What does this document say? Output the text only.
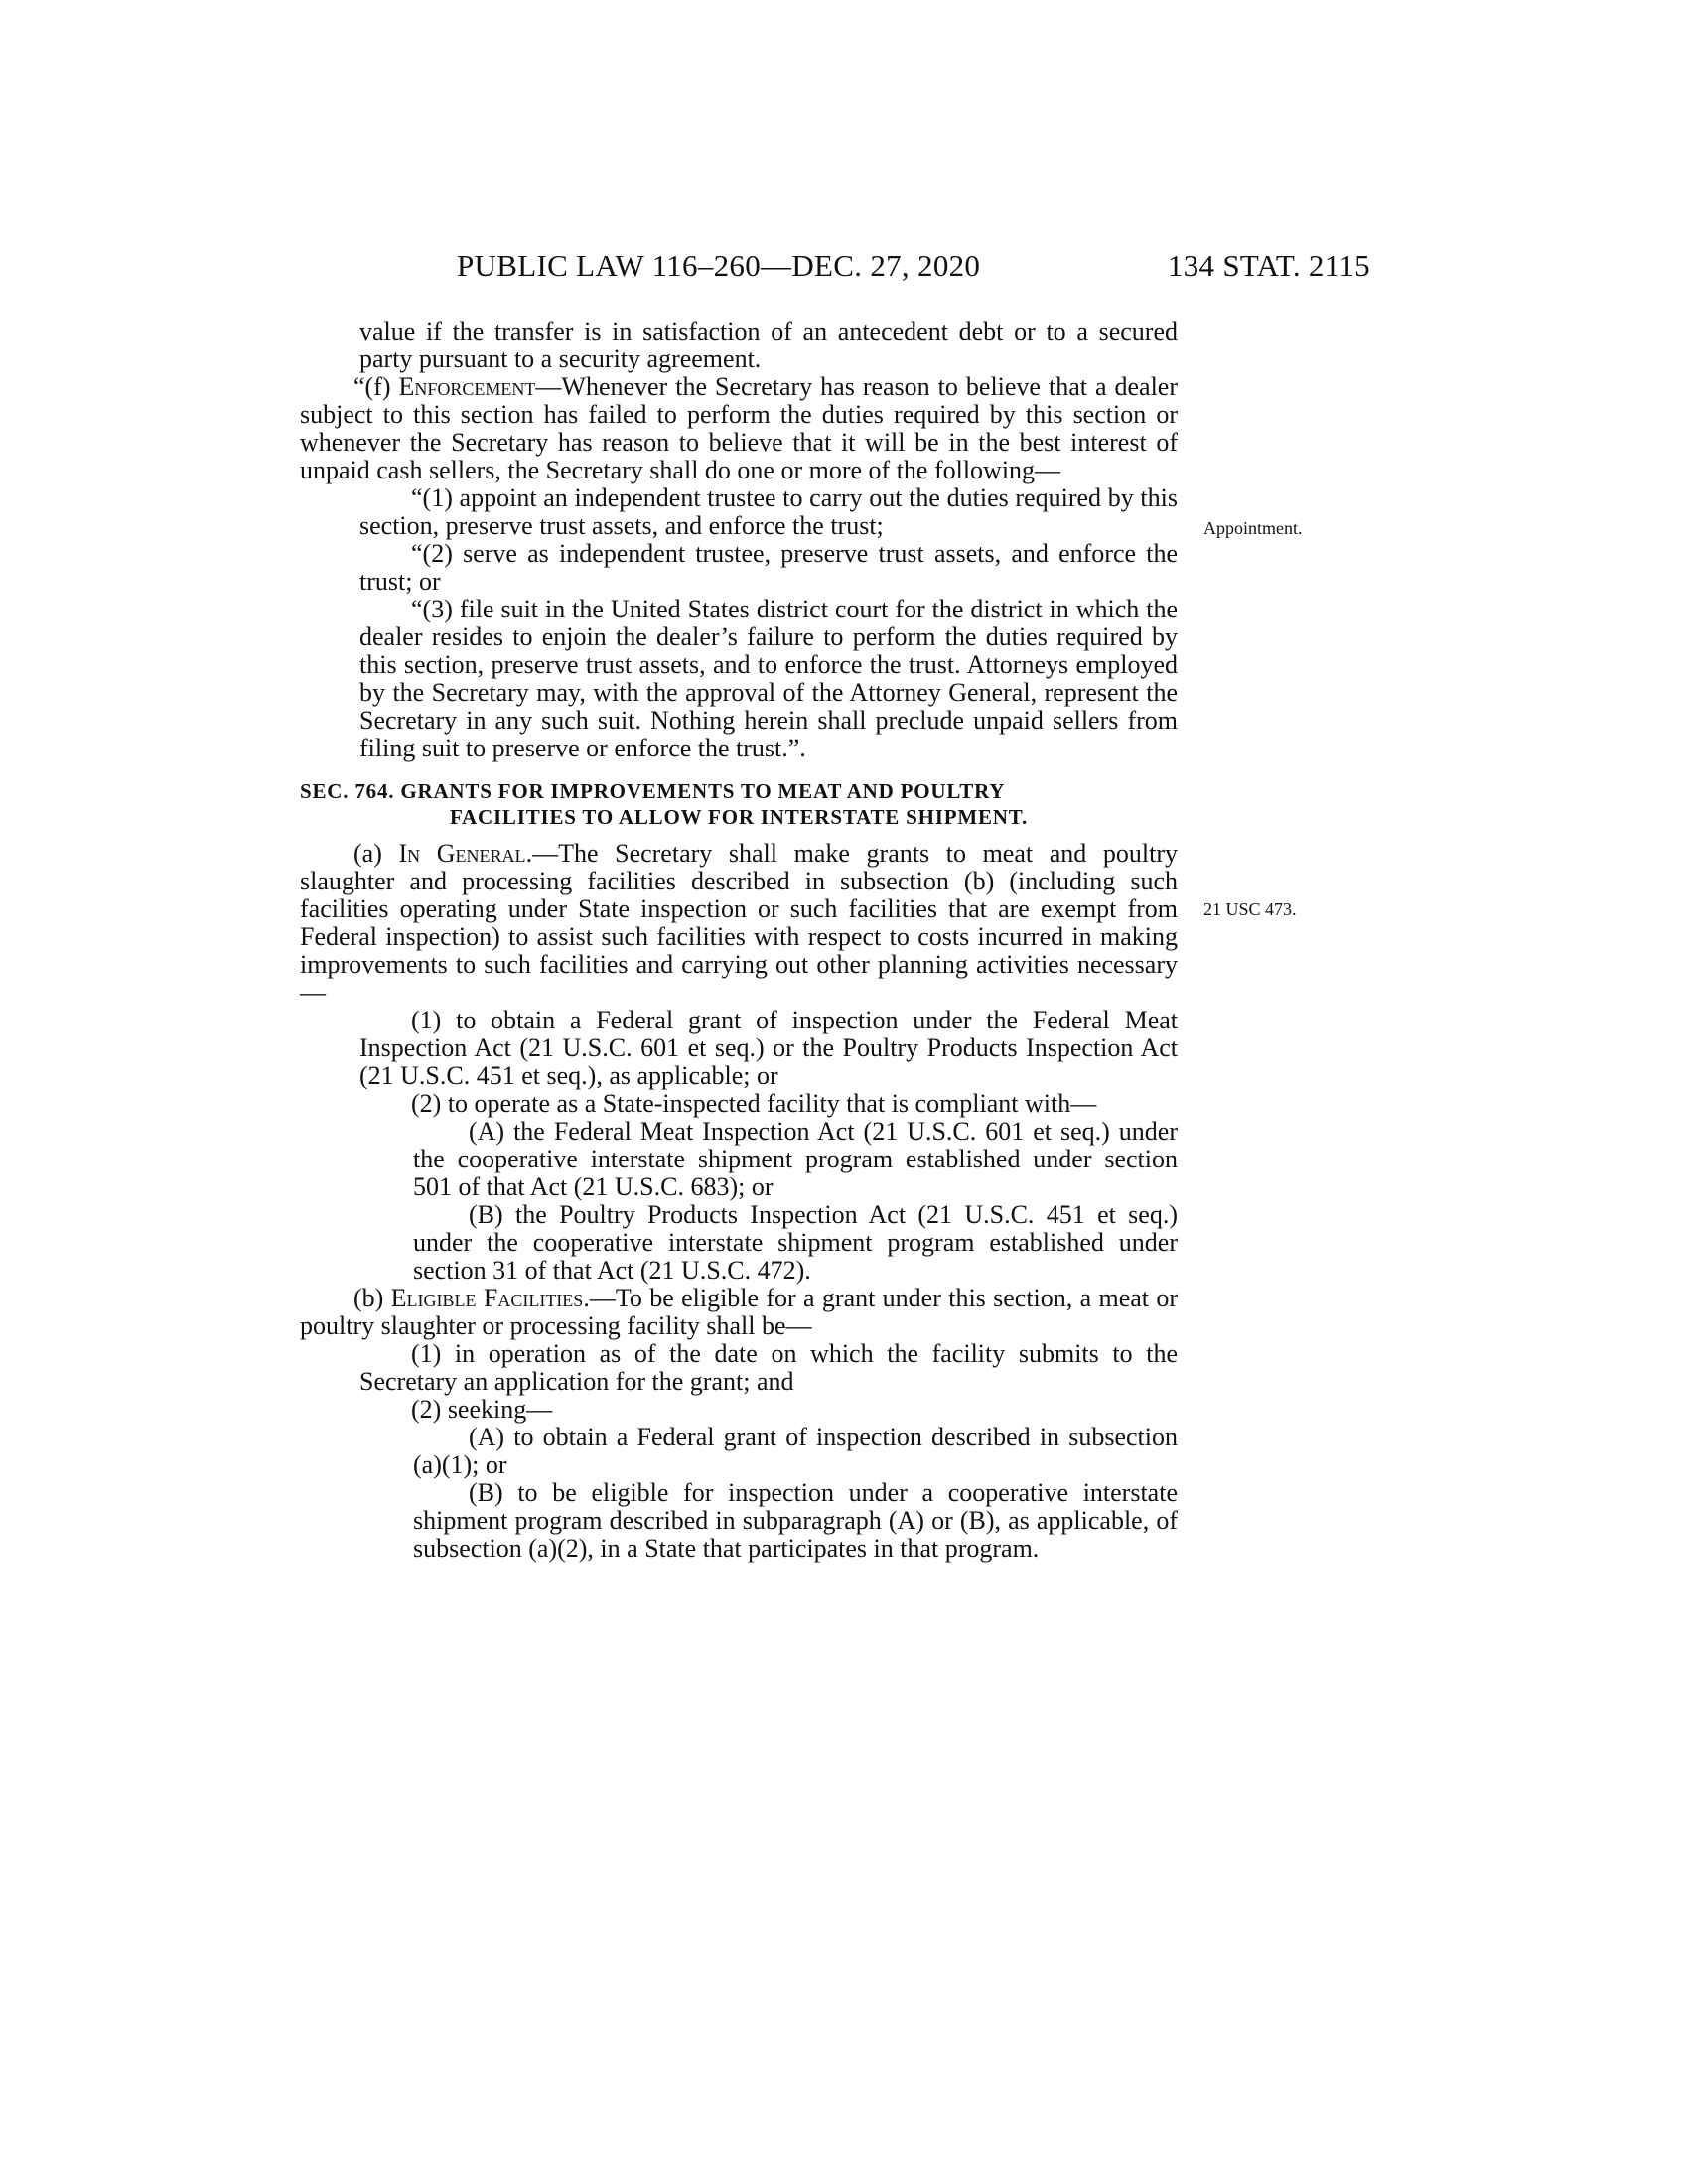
PUBLIC LAW 116–260—DEC. 27, 2020	134 STAT. 2115
Appointment.
21 USC 473.

value if the transfer is in satisfaction of an antecedent debt or to a secured party pursuant to a security agreement.

“(f) Enforcement—Whenever the Secretary has reason to believe that a dealer subject to this section has failed to perform the duties required by this section or whenever the Secretary has reason to believe that it will be in the best interest of unpaid cash sellers, the Secretary shall do one or more of the following—

“(1) appoint an independent trustee to carry out the duties required by this section, preserve trust assets, and enforce the trust;

“(2) serve as independent trustee, preserve trust assets, and enforce the trust; or

“(3) file suit in the United States district court for the district in which the dealer resides to enjoin the dealer’s failure to perform the duties required by this section, preserve trust assets, and to enforce the trust. Attorneys employed by the Secretary may, with the approval of the Attorney General, represent the Secretary in any such suit. Nothing herein shall preclude unpaid sellers from filing suit to preserve or enforce the trust.”.

SEC. 764. GRANTS FOR IMPROVEMENTS TO MEAT AND POULTRY
FACILITIES TO ALLOW FOR INTERSTATE SHIPMENT.

(a) In General.—The Secretary shall make grants to meat and poultry slaughter and processing facilities described in subsection (b) (including such facilities operating under State inspection or such facilities that are exempt from Federal inspection) to assist such facilities with respect to costs incurred in making improvements to such facilities and carrying out other planning activities necessary—

(1) to obtain a Federal grant of inspection under the Federal Meat Inspection Act (21 U.S.C. 601 et seq.) or the Poultry Products Inspection Act (21 U.S.C. 451 et seq.), as applicable; or

(2) to operate as a State-inspected facility that is compliant with—

(A) the Federal Meat Inspection Act (21 U.S.C. 601 et seq.) under the cooperative interstate shipment program established under section 501 of that Act (21 U.S.C. 683); or

(B) the Poultry Products Inspection Act (21 U.S.C. 451 et seq.) under the cooperative interstate shipment program established under section 31 of that Act (21 U.S.C. 472).

(b) Eligible Facilities.—To be eligible for a grant under this section, a meat or poultry slaughter or processing facility shall be—

(1) in operation as of the date on which the facility submits to the Secretary an application for the grant; and

(2) seeking—

(A) to obtain a Federal grant of inspection described in subsection (a)(1); or

(B) to be eligible for inspection under a cooperative interstate shipment program described in subparagraph (A) or (B), as applicable, of subsection (a)(2), in a State that participates in that program.
